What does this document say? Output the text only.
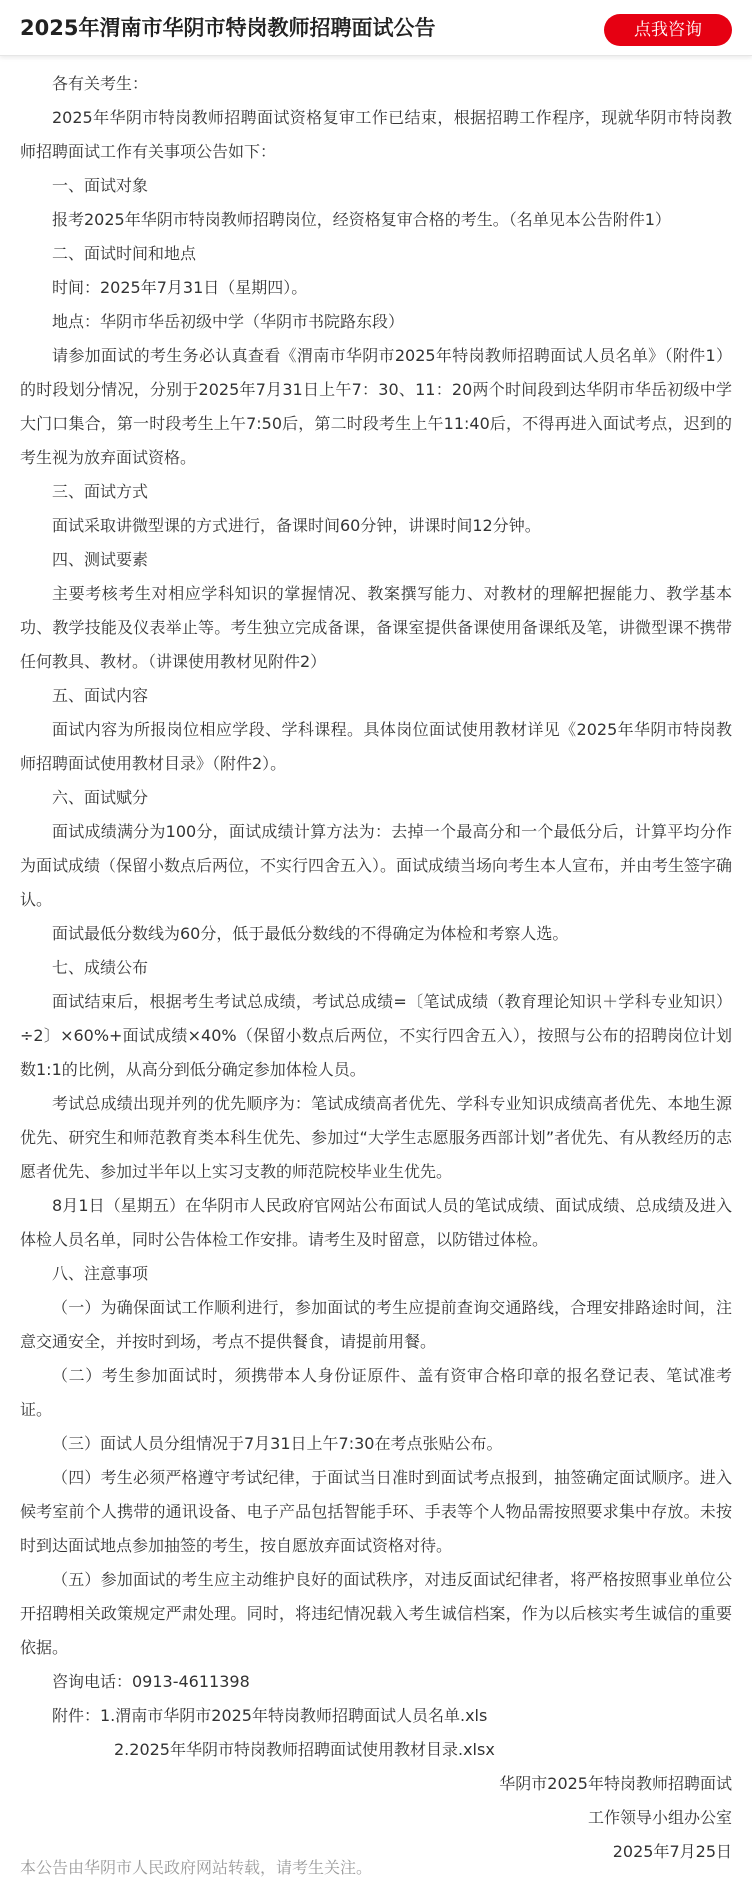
2025年渭南市华阴市特岗教师招聘面试公告	点我咨询

各有关考生：

2025年华阴市特岗教师招聘面试资格复审工作已结束，根据招聘工作程序，现就华阴市特岗教师招聘面试工作有关事项公告如下：

一、面试对象

报考2025年华阴市特岗教师招聘岗位，经资格复审合格的考生。（名单见本公告附件1）

二、面试时间和地点

时间：2025年7月31日（星期四）。

地点：华阴市华岳初级中学（华阴市书院路东段）

请参加面试的考生务必认真查看《渭南市华阴市2025年特岗教师招聘面试人员名单》（附件1）的时段划分情况，分别于2025年7月31日上午7：30、11：20两个时间段到达华阴市华岳初级中学大门口集合，第一时段考生上午7:50后，第二时段考生上午11:40后，不得再进入面试考点，迟到的考生视为放弃面试资格。

三、面试方式

面试采取讲微型课的方式进行，备课时间60分钟，讲课时间12分钟。

四、测试要素

主要考核考生对相应学科知识的掌握情况、教案撰写能力、对教材的理解把握能力、教学基本功、教学技能及仪表举止等。考生独立完成备课，备课室提供备课使用备课纸及笔，讲微型课不携带任何教具、教材。（讲课使用教材见附件2）

五、面试内容

面试内容为所报岗位相应学段、学科课程。具体岗位面试使用教材详见《2025年华阴市特岗教师招聘面试使用教材目录》（附件2）。

六、面试赋分

面试成绩满分为100分，面试成绩计算方法为：去掉一个最高分和一个最低分后，计算平均分作为面试成绩（保留小数点后两位，不实行四舍五入）。面试成绩当场向考生本人宣布，并由考生签字确认。

面试最低分数线为60分，低于最低分数线的不得确定为体检和考察人选。

七、成绩公布

面试结束后，根据考生考试总成绩，考试总成绩=〔笔试成绩（教育理论知识＋学科专业知识）÷2〕×60%+面试成绩×40%（保留小数点后两位，不实行四舍五入），按照与公布的招聘岗位计划数1:1的比例，从高分到低分确定参加体检人员。

考试总成绩出现并列的优先顺序为：笔试成绩高者优先、学科专业知识成绩高者优先、本地生源优先、研究生和师范教育类本科生优先、参加过“大学生志愿服务西部计划”者优先、有从教经历的志愿者优先、参加过半年以上实习支教的师范院校毕业生优先。

8月1日（星期五）在华阴市人民政府官网站公布面试人员的笔试成绩、面试成绩、总成绩及进入体检人员名单，同时公告体检工作安排。请考生及时留意，以防错过体检。

八、注意事项

（一）为确保面试工作顺利进行，参加面试的考生应提前查询交通路线，合理安排路途时间，注意交通安全，并按时到场，考点不提供餐食，请提前用餐。

（二）考生参加面试时，须携带本人身份证原件、盖有资审合格印章的报名登记表、笔试准考证。

（三）面试人员分组情况于7月31日上午7:30在考点张贴公布。

（四）考生必须严格遵守考试纪律，于面试当日准时到面试考点报到，抽签确定面试顺序。进入候考室前个人携带的通讯设备、电子产品包括智能手环、手表等个人物品需按照要求集中存放。未按时到达面试地点参加抽签的考生，按自愿放弃面试资格对待。

（五）参加面试的考生应主动维护良好的面试秩序，对违反面试纪律者，将严格按照事业单位公开招聘相关政策规定严肃处理。同时，将违纪情况载入考生诚信档案，作为以后核实考生诚信的重要依据。

咨询电话：0913-4611398

附件：1.渭南市华阴市2025年特岗教师招聘面试人员名单.xls

2.2025年华阴市特岗教师招聘面试使用教材目录.xlsx

华阴市2025年特岗教师招聘面试

工作领导小组办公室

2025年7月25日

本公告由华阴市人民政府网站转载，请考生关注。
